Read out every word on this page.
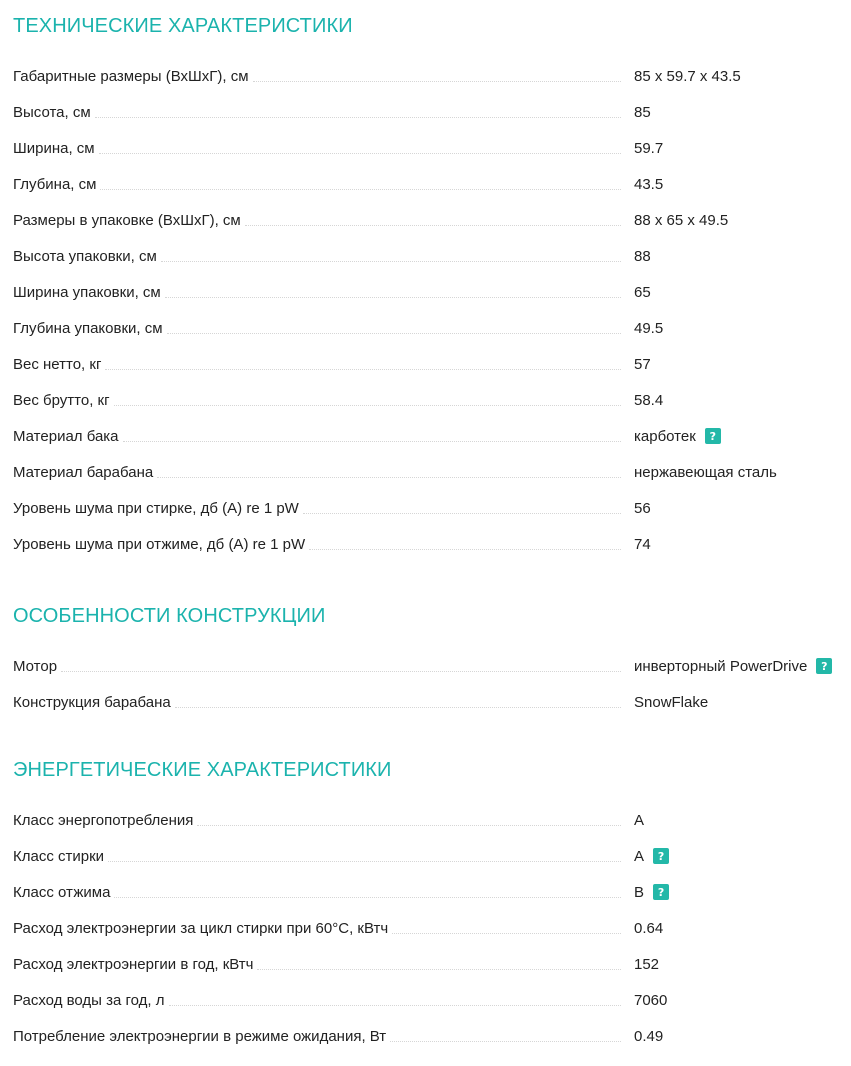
ТЕХНИЧЕСКИЕ ХАРАКТЕРИСТИКИ
Габаритные размеры (ВхШхГ), см	85 x 59.7 x 43.5
Высота, см	85
Ширина, см	59.7
Глубина, см	43.5
Размеры в упаковке (ВхШхГ), см	88 x 65 x 49.5
Высота упаковки, см	88
Ширина упаковки, см	65
Глубина упаковки, см	49.5
Вес нетто, кг	57
Вес брутто, кг	58.4
Материал бака	карботек	?
Материал барабана	нержавеющая сталь
Уровень шума при стирке, дб (А) re 1 pW	56
Уровень шума при отжиме, дб (А) re 1 pW	74
ОСОБЕННОСТИ КОНСТРУКЦИИ
Мотор	инверторный PowerDrive	?
Конструкция барабана	SnowFlake
ЭНЕРГЕТИЧЕСКИЕ ХАРАКТЕРИСТИКИ
Класс энергопотребления	A
Класс стирки	A	?
Класс отжима	B	?
Расход электроэнергии за цикл стирки при 60°С, кВтч	0.64
Расход электроэнергии в год, кВтч	152
Расход воды за год, л	7060
Потребление электроэнергии в режиме ожидания, Вт	0.49
